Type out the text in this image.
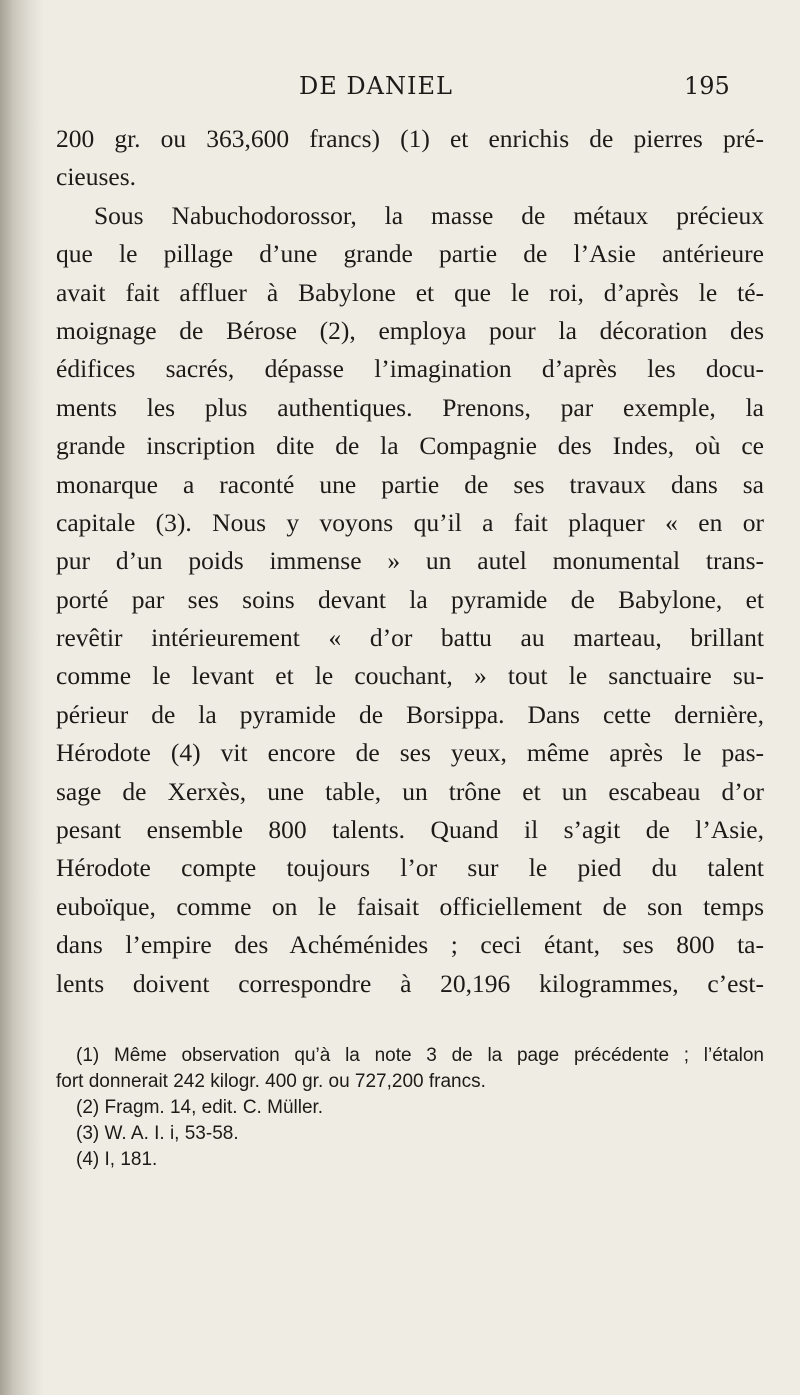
DE DANIEL	195
200 gr. ou 363,600 francs) (1) et enrichis de pierres pré-
cieuses.
Sous Nabuchodorossor, la masse de métaux précieux
que le pillage d’une grande partie de l’Asie antérieure
avait fait affluer à Babylone et que le roi, d’après le té-
moignage de Bérose (2), employa pour la décoration des
édifices sacrés, dépasse l’imagination d’après les docu-
ments les plus authentiques. Prenons, par exemple, la
grande inscription dite de la Compagnie des Indes, où ce
monarque a raconté une partie de ses travaux dans sa
capitale (3). Nous y voyons qu’il a fait plaquer « en or
pur d’un poids immense » un autel monumental trans-
porté par ses soins devant la pyramide de Babylone, et
revêtir intérieurement « d’or battu au marteau, brillant
comme le levant et le couchant, » tout le sanctuaire su-
périeur de la pyramide de Borsippa. Dans cette dernière,
Hérodote (4) vit encore de ses yeux, même après le pas-
sage de Xerxès, une table, un trône et un escabeau d’or
pesant ensemble 800 talents. Quand il s’agit de l’Asie,
Hérodote compte toujours l’or sur le pied du talent
euboïque, comme on le faisait officiellement de son temps
dans l’empire des Achéménides ; ceci étant, ses 800 ta-
lents doivent correspondre à 20,196 kilogrammes, c’est-
(1) Même observation qu’à la note 3 de la page précédente ; l’étalon
fort donnerait 242 kilogr. 400 gr. ou 727,200 francs.
(2) Fragm. 14, edit. C. Müller.
(3) W. A. I. i, 53-58.
(4) I, 181.
